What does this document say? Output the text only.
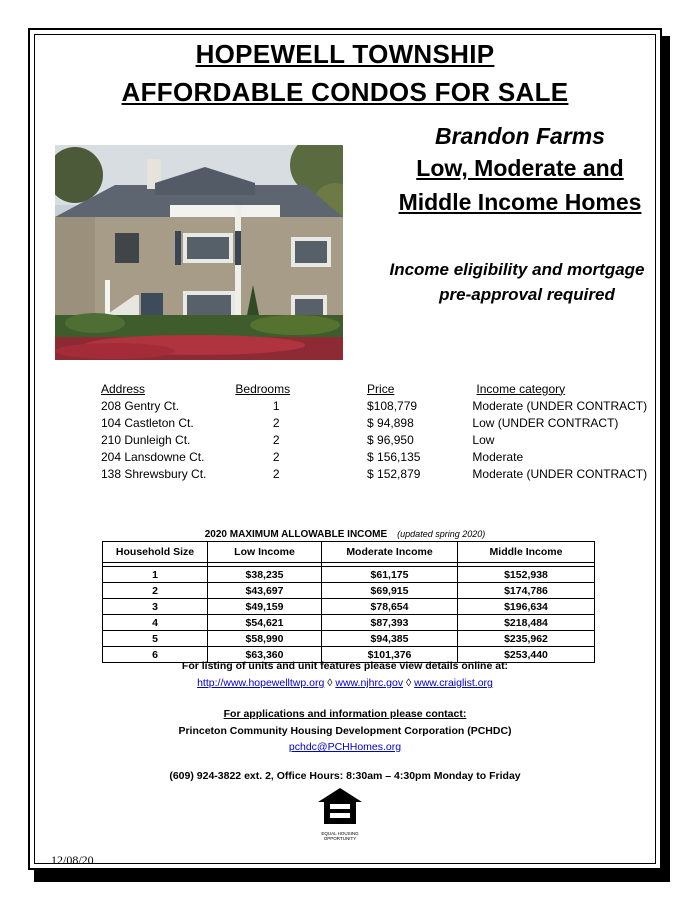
HOPEWELL TOWNSHIP
AFFORDABLE CONDOS FOR SALE
Brandon Farms
Low, Moderate and
Middle Income Homes
Income eligibility and mortgage
pre-approval required
Address	Bedrooms	Price	Income category
208 Gentry Ct.	1	$108,779	Moderate (UNDER CONTRACT)
104 Castleton Ct.	2	$ 94,898	Low (UNDER CONTRACT)
210 Dunleigh Ct.	2	$ 96,950	Low
204 Lansdowne Ct.	2	$ 156,135	Moderate
138 Shrewsbury Ct.	2	$ 152,879	Moderate (UNDER CONTRACT)
2020 MAXIMUM ALLOWABLE INCOME (updated spring 2020)
Household Size	Low Income	Moderate Income	Middle Income

1	$38,235	$61,175	$152,938
2	$43,697	$69,915	$174,786
3	$49,159	$78,654	$196,634
4	$54,621	$87,393	$218,484
5	$58,990	$94,385	$235,962
6	$63,360	$101,376	$253,440
For listing of units and unit features please view details online at:
http://www.hopewelltwp.org ◊ www.njhrc.gov ◊ www.craiglist.org
For applications and information please contact:
Princeton Community Housing Development Corporation (PCHDC)
pchdc@PCHHomes.org
(609) 924-3822 ext. 2, Office Hours: 8:30am – 4:30pm Monday to Friday
EQUAL HOUSING
OPPORTUNITY
12/08/20
